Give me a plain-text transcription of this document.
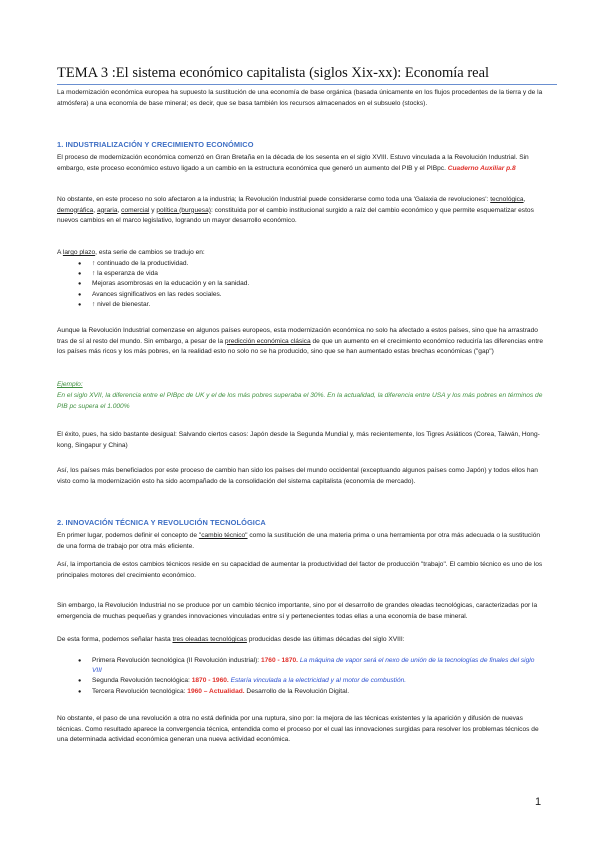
TEMA 3 :El sistema económico capitalista (siglos Xix-xx): Economía real
La modernización económica europea ha supuesto la sustitución de una economía de base orgánica (basada únicamente en los flujos procedentes de la tierra y de la atmósfera) a una economía de base mineral; es decir, que se basa también los recursos almacenados en el subsuelo (stocks).
1. INDUSTRIALIZACIÓN Y CRECIMIENTO ECONÓMICO
El proceso de modernización económica comenzó en Gran Bretaña en la década de los sesenta en el siglo XVIII. Estuvo vinculada a la Revolución Industrial. Sin embargo, este proceso económico estuvo ligado a un cambio en la estructura económica que generó un aumento del PIB y el PIBpc. Cuaderno Auxiliar p.8
No obstante, en este proceso no solo afectaron a la industria; la Revolución Industrial puede considerarse como toda una 'Galaxia de revoluciones': tecnológica, demográfica, agraria, comercial y política (burguesa): constituida por el cambio institucional surgido a raíz del cambio económico y que permite esquematizar estos nuevos cambios en el marco legislativo, logrando un mayor desarrollo económico.
A largo plazo, esta serie de cambios se tradujo en:
● ↑ continuado de la productividad.
● ↑ la esperanza de vida
● Mejoras asombrosas en la educación y en la sanidad.
● Avances significativos en las redes sociales.
● ↑ nivel de bienestar.
Aunque la Revolución Industrial comenzase en algunos países europeos, esta modernización económica no solo ha afectado a estos países, sino que ha arrastrado tras de sí al resto del mundo. Sin embargo, a pesar de la predicción económica clásica de que un aumento en el crecimiento económico reduciría las diferencias entre los países más ricos y los más pobres, en la realidad esto no solo no se ha producido, sino que se han aumentado estas brechas económicas ("gap")
Ejemplo:
En el siglo XVII, la diferencia entre el PIBpc de UK y el de los más pobres superaba el 30%. En la actualidad, la diferencia entre USA y los más pobres en términos de PIB pc supera el 1.000%
El éxito, pues, ha sido bastante desigual: Salvando ciertos casos: Japón desde la Segunda Mundial y, más recientemente, los Tigres Asiáticos (Corea, Taiwán, Hong-kong, Singapur y China)
Así, los países más beneficiados por este proceso de cambio han sido los países del mundo occidental (exceptuando algunos países como Japón) y todos ellos han visto como la modernización esto ha sido acompañado de la consolidación del sistema capitalista (economía de mercado).
2. INNOVACIÓN TÉCNICA Y REVOLUCIÓN TECNOLÓGICA
En primer lugar, podemos definir el concepto de "cambio técnico" como la sustitución de una materia prima o una herramienta por otra más adecuada o la sustitución de una forma de trabajo por otra más eficiente.
Así, la importancia de estos cambios técnicos reside en su capacidad de aumentar la productividad del factor de producción "trabajo". El cambio técnico es uno de los principales motores del crecimiento económico.
Sin embargo, la Revolución Industrial no se produce por un cambio técnico importante, sino por el desarrollo de grandes oleadas tecnológicas, caracterizadas por la emergencia de muchas pequeñas y grandes innovaciones vinculadas entre sí y pertenecientes todas ellas a una economía de base mineral.
De esta forma, podemos señalar hasta tres oleadas tecnológicas producidas desde las últimas décadas del siglo XVIII:
● Primera Revolución tecnológica (II Revolución industrial): 1760 - 1870. La máquina de vapor será el nexo de unión de la tecnologías de finales del siglo VIII
● Segunda Revolución tecnológica: 1870 - 1960. Estaría vinculada a la electricidad y al motor de combustión.
● Tercera Revolución tecnológica: 1960 – Actualidad. Desarrollo de la Revolución Digital.
No obstante, el paso de una revolución a otra no está definida por una ruptura, sino por: la mejora de las técnicas existentes y la aparición y difusión de nuevas técnicas. Como resultado aparece la convergencia técnica, entendida como el proceso por el cual las innovaciones surgidas para resolver los problemas técnicos de una determinada actividad económica generan una nueva actividad económica.
1
